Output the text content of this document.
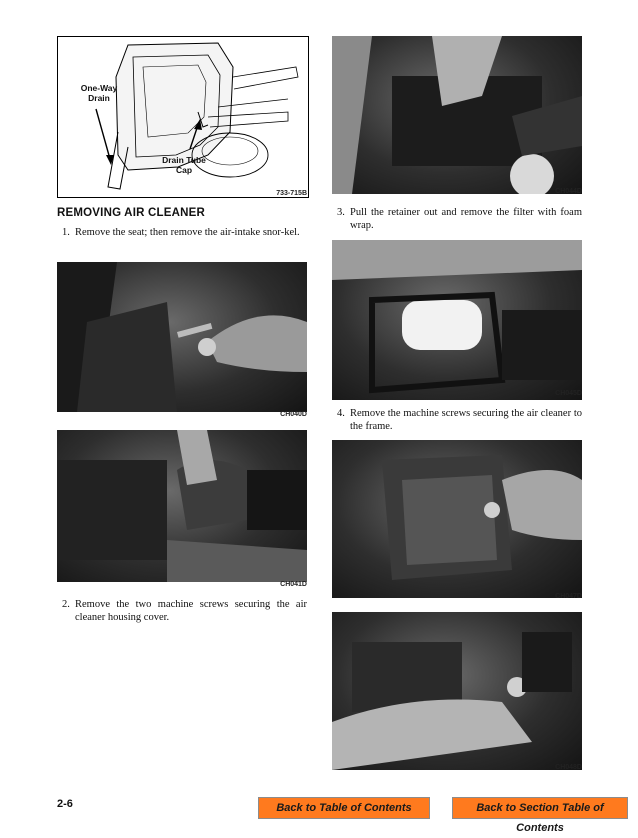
One-Way
Drain
Drain Tube
Cap
733-715B
REMOVING AIR CLEANER
1. Remove the seat; then remove the air-intake snor-kel.
CH040D
CH041D
2. Remove the two machine screws securing the air cleaner housing cover.
CH044D
3. Pull the retainer out and remove the filter with foam wrap.
CH045D
4. Remove the machine screws securing the air cleaner to the frame.
CH047D
CH048D
2-6	Back to Table of Contents	Back to Section Table of Contents
